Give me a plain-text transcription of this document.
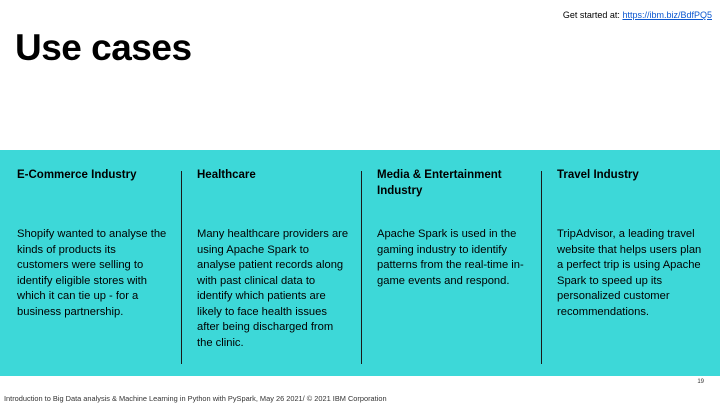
Get started at: https://ibm.biz/BdfPQ5
Use cases
E-Commerce Industry
Shopify wanted to analyse the kinds of products its customers were selling to identify eligible stores with which it can tie up - for a business partnership.
Healthcare
Many healthcare providers are using Apache Spark to analyse patient records along with past clinical data to identify which patients are likely to face health issues after being discharged from the clinic.
Media & Entertainment Industry
Apache Spark is used in the gaming industry to identify patterns from the real-time in-game events and respond.
Travel Industry
TripAdvisor, a leading travel website that helps users plan a perfect trip is using Apache Spark to speed up its personalized customer recommendations.
19
Introduction to Big Data analysis & Machine Learning in Python with PySpark, May 26 2021/ © 2021 IBM Corporation
